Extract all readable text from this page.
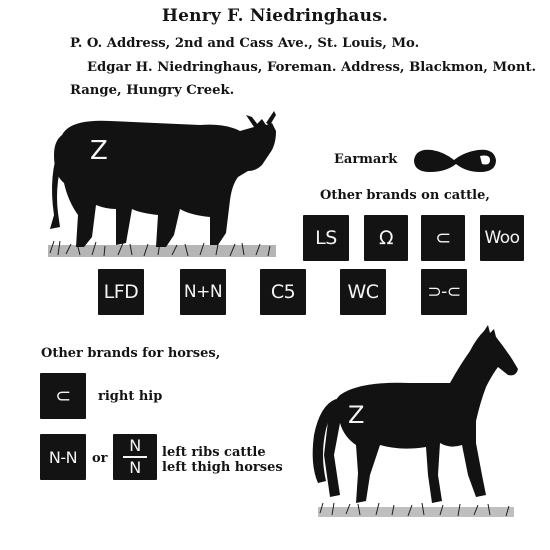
Henry F. Niedringhaus.
P. O. Address, 2nd and Cass Ave., St. Louis, Mo.
Edgar H. Niedringhaus, Foreman. Address, Blackmon, Mont.
Range, Hungry Creek.
Z	Earmark
Other brands on cattle,
LS	Ω	⊂	Woo
LFD	N+N	C5	WC	⊃-⊂
Other brands for horses,
⊂	right hip
N-N	or
N
N
left ribs cattle
left thigh horses
Z
